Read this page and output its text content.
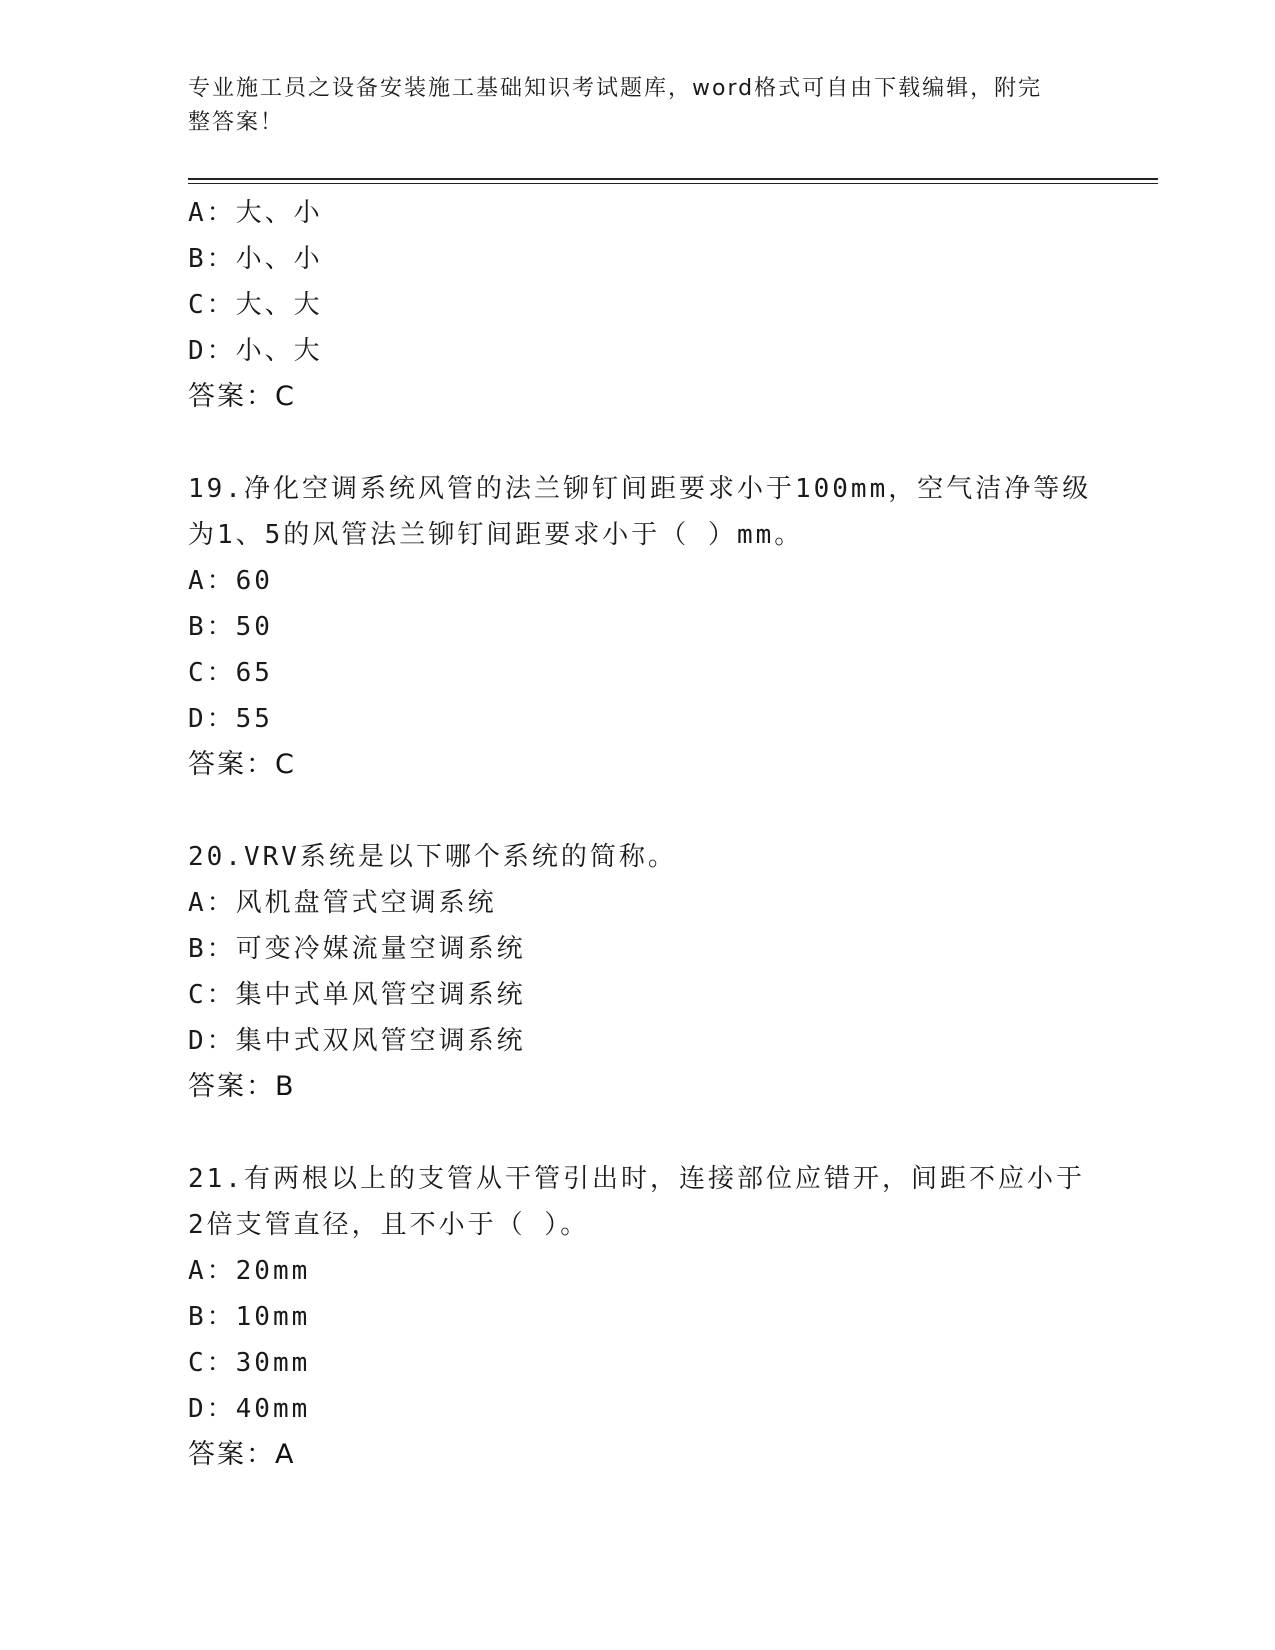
专业施工员之设备安装施工基础知识考试题库，word格式可自由下载编辑，附完
整答案！
A：大、小
B：小、小
C：大、大
D：小、大
答案：C
19.净化空调系统风管的法兰铆钉间距要求小于100mm，空气洁净等级
为1、5的风管法兰铆钉间距要求小于（ ）mm。
A：60
B：50
C：65
D：55
答案：C
20.VRV系统是以下哪个系统的简称。
A：风机盘管式空调系统
B：可变冷媒流量空调系统
C：集中式单风管空调系统
D：集中式双风管空调系统
答案：B
21.有两根以上的支管从干管引出时，连接部位应错开，间距不应小于
2倍支管直径，且不小于（ ）。
A：20mm
B：10mm
C：30mm
D：40mm
答案：A
